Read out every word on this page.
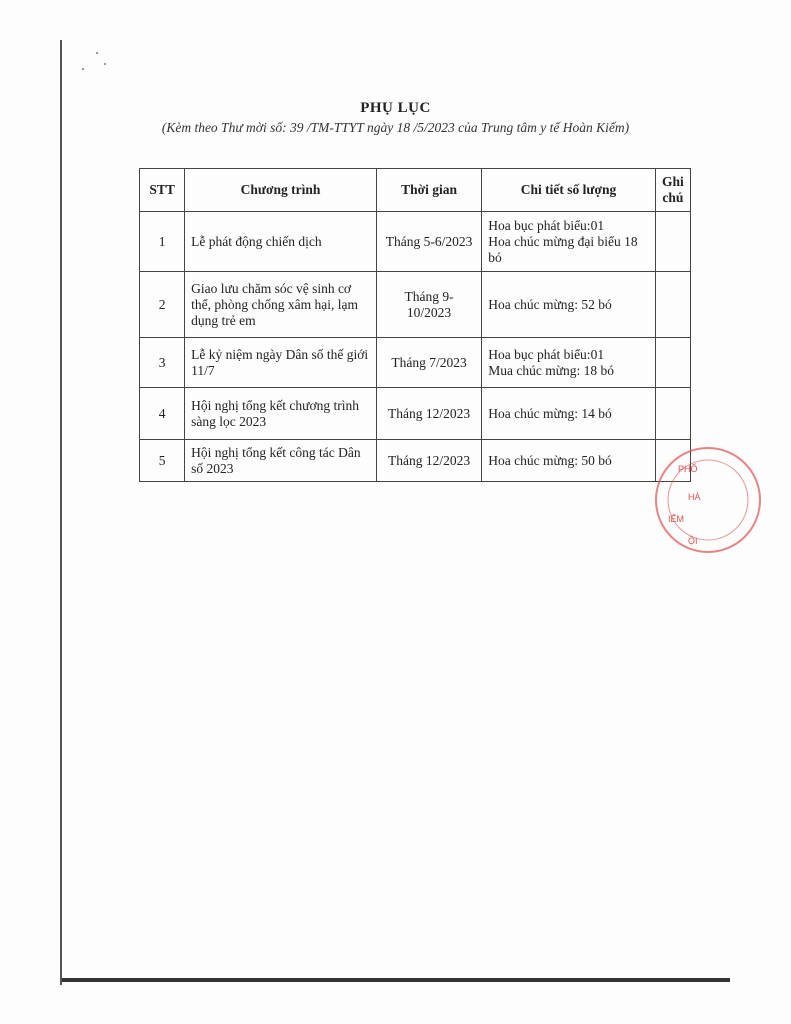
PHỤ LỤC
(Kèm theo Thư mời số: 39 /TM-TTYT ngày 18 /5/2023 của Trung tâm y tế Hoàn Kiếm)
STT	Chương trình	Thời gian	Chi tiết số lượng	Ghi chú
1	Lễ phát động chiến dịch	Tháng 5-6/2023	Hoa bục phát biểu:01
Hoa chúc mừng đại biểu 18 bó	

2	Giao lưu chăm sóc vệ sinh cơ thể, phòng chống xâm hại, lạm dụng trẻ em	Tháng 9-10/2023	Hoa chúc mừng: 52 bó	

3	Lễ kỷ niệm ngày Dân số thế giới 11/7	Tháng 7/2023	Hoa bục phát biểu:01
Mua chúc mừng: 18 bó	

4	Hội nghị tổng kết chương trình sàng lọc 2023	Tháng 12/2023	Hoa chúc mừng: 14 bó	

5	Hội nghị tổng kết công tác Dân số 2023	Tháng 12/2023	Hoa chúc mừng: 50 bó	

PHỐ
HÀ
IẾM
ỘI
